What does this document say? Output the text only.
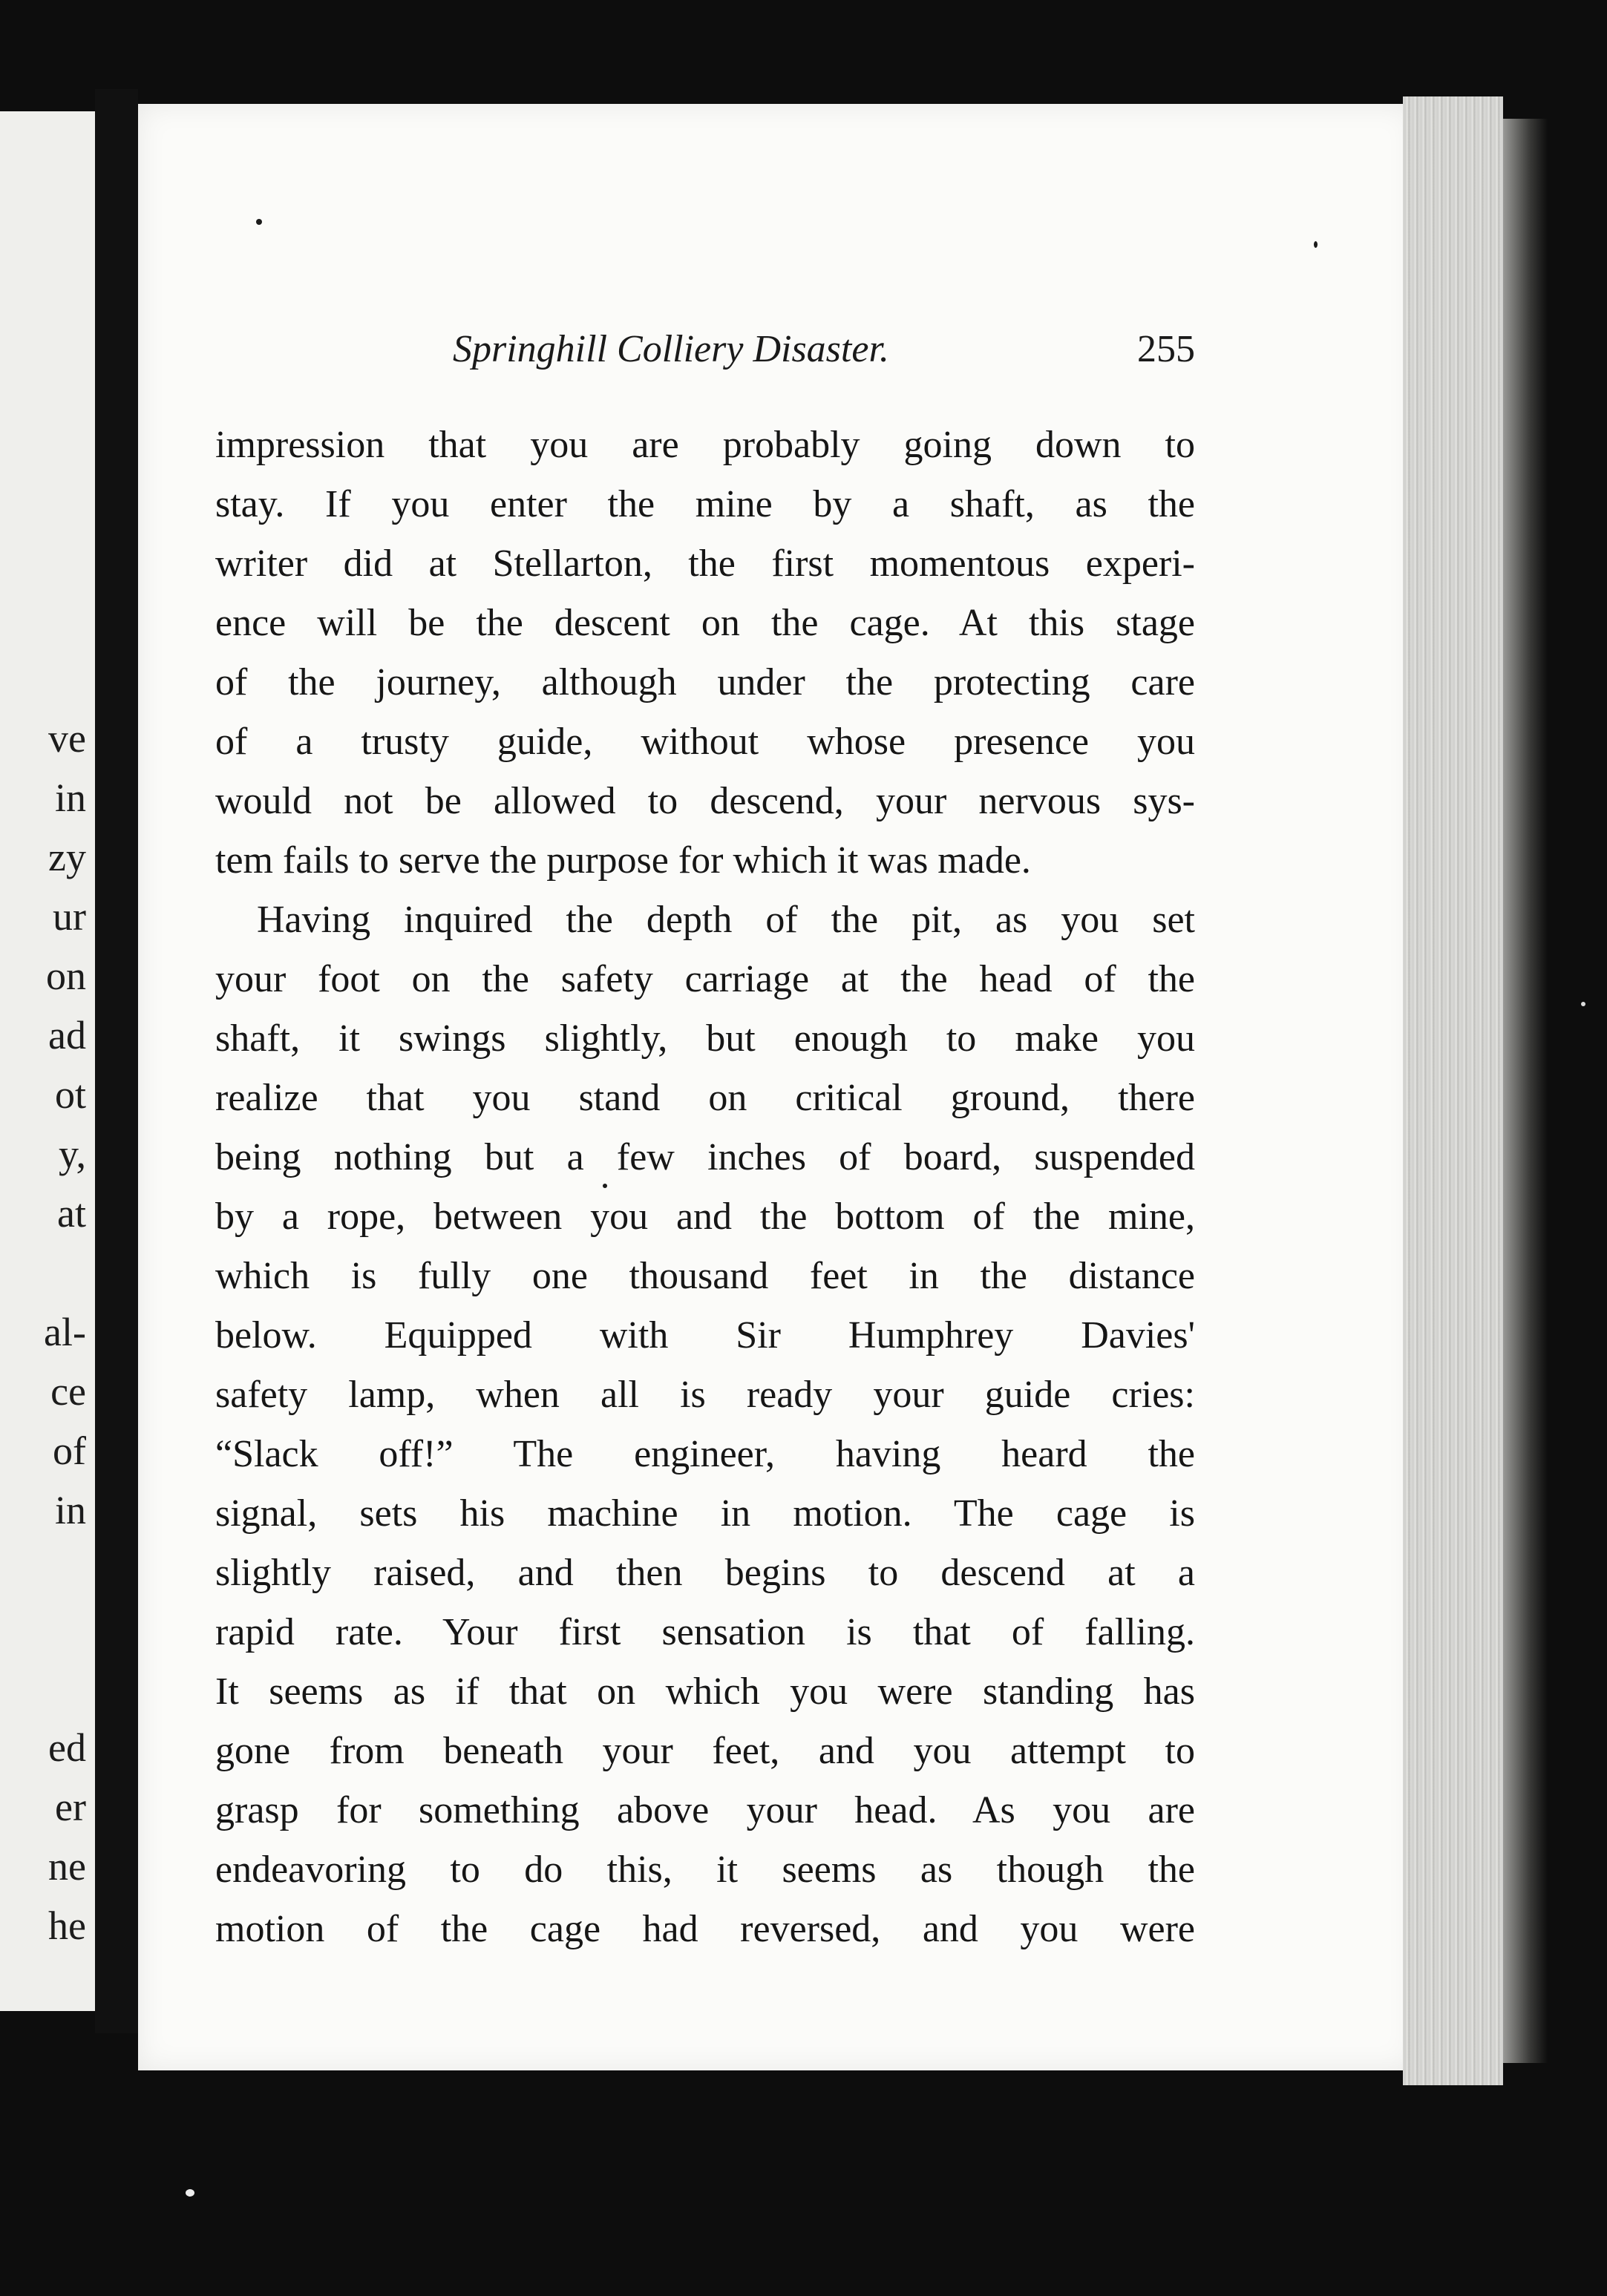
ve
in
zy
ur
on
ad
ot
y,
at
al-
ce
of
in
ed
er
ne
he
Springhill Colliery Disaster.	255
impression that you are probably going down to
stay. If you enter the mine by a shaft, as the
writer did at Stellarton, the first momentous experi-
ence will be the descent on the cage. At this stage
of the journey, although under the protecting care
of a trusty guide, without whose presence you
would not be allowed to descend, your nervous sys-
tem fails to serve the purpose for which it was made.
Having inquired the depth of the pit, as you set
your foot on the safety carriage at the head of the
shaft, it swings slightly, but enough to make you
realize that you stand on critical ground, there
being nothing but a few inches of board, suspended
by a rope, between you and the bottom of the mine,
which is fully one thousand feet in the distance
below. Equipped with Sir Humphrey Davies'
safety lamp, when all is ready your guide cries:
“Slack off!” The engineer, having heard the
signal, sets his machine in motion. The cage is
slightly raised, and then begins to descend at a
rapid rate. Your first sensation is that of falling.
It seems as if that on which you were standing has
gone from beneath your feet, and you attempt to
grasp for something above your head. As you are
endeavoring to do this, it seems as though the
motion of the cage had reversed, and you were
